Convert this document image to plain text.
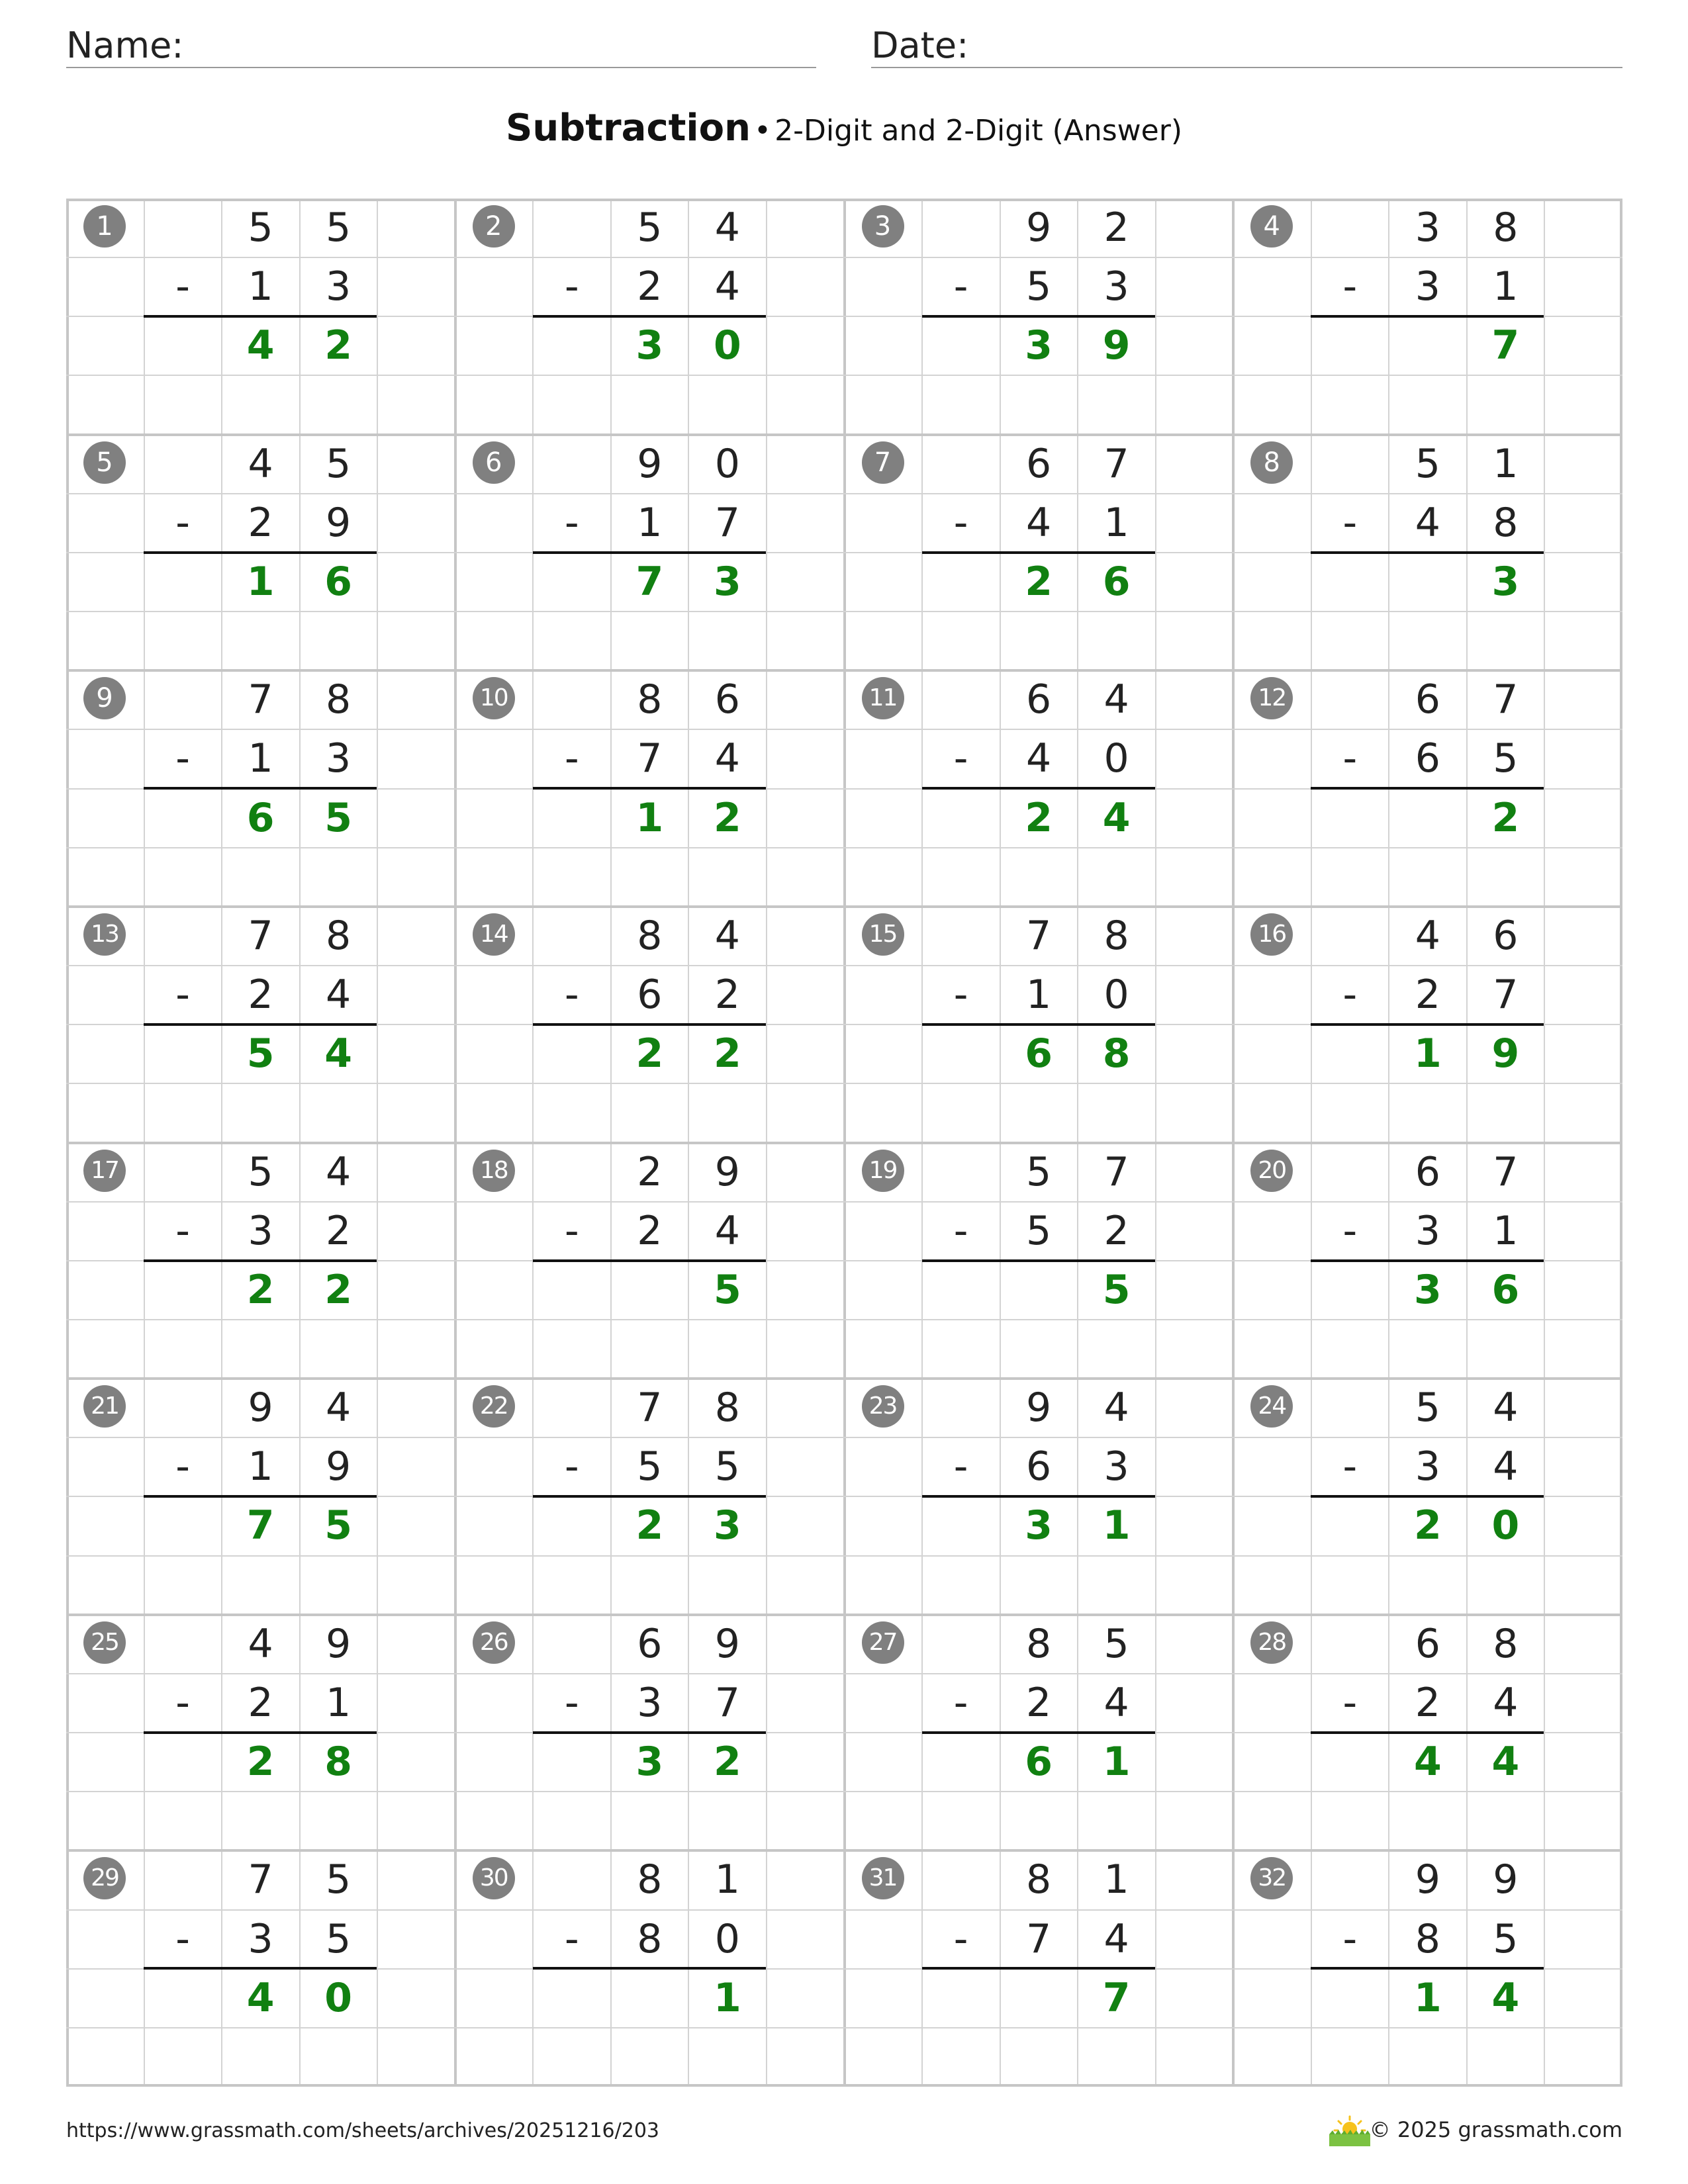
Name:	Date:
Subtraction • 2-Digit and 2-Digit (Answer)
1	5	5
-	1	3
4	2
2	5	4
-	2	4
3	0
3	9	2
-	5	3
3	9
4	3	8
-	3	1
7
5	4	5
-	2	9
1	6
6	9	0
-	1	7
7	3
7	6	7
-	4	1
2	6
8	5	1
-	4	8
3
9	7	8
-	1	3
6	5
10	8	6
-	7	4
1	2
11	6	4
-	4	0
2	4
12	6	7
-	6	5
2
13	7	8
-	2	4
5	4
14	8	4
-	6	2
2	2
15	7	8
-	1	0
6	8
16	4	6
-	2	7
1	9
17	5	4
-	3	2
2	2
18	2	9
-	2	4
5
19	5	7
-	5	2
5
20	6	7
-	3	1
3	6
21	9	4
-	1	9
7	5
22	7	8
-	5	5
2	3
23	9	4
-	6	3
3	1
24	5	4
-	3	4
2	0
25	4	9
-	2	1
2	8
26	6	9
-	3	7
3	2
27	8	5
-	2	4
6	1
28	6	8
-	2	4
4	4
29	7	5
-	3	5
4	0
30	8	1
-	8	0
1
31	8	1
-	7	4
7
32	9	9
-	8	5
1	4
https://www.grassmath.com/sheets/archives/20251216/203	© 2025 grassmath.com
